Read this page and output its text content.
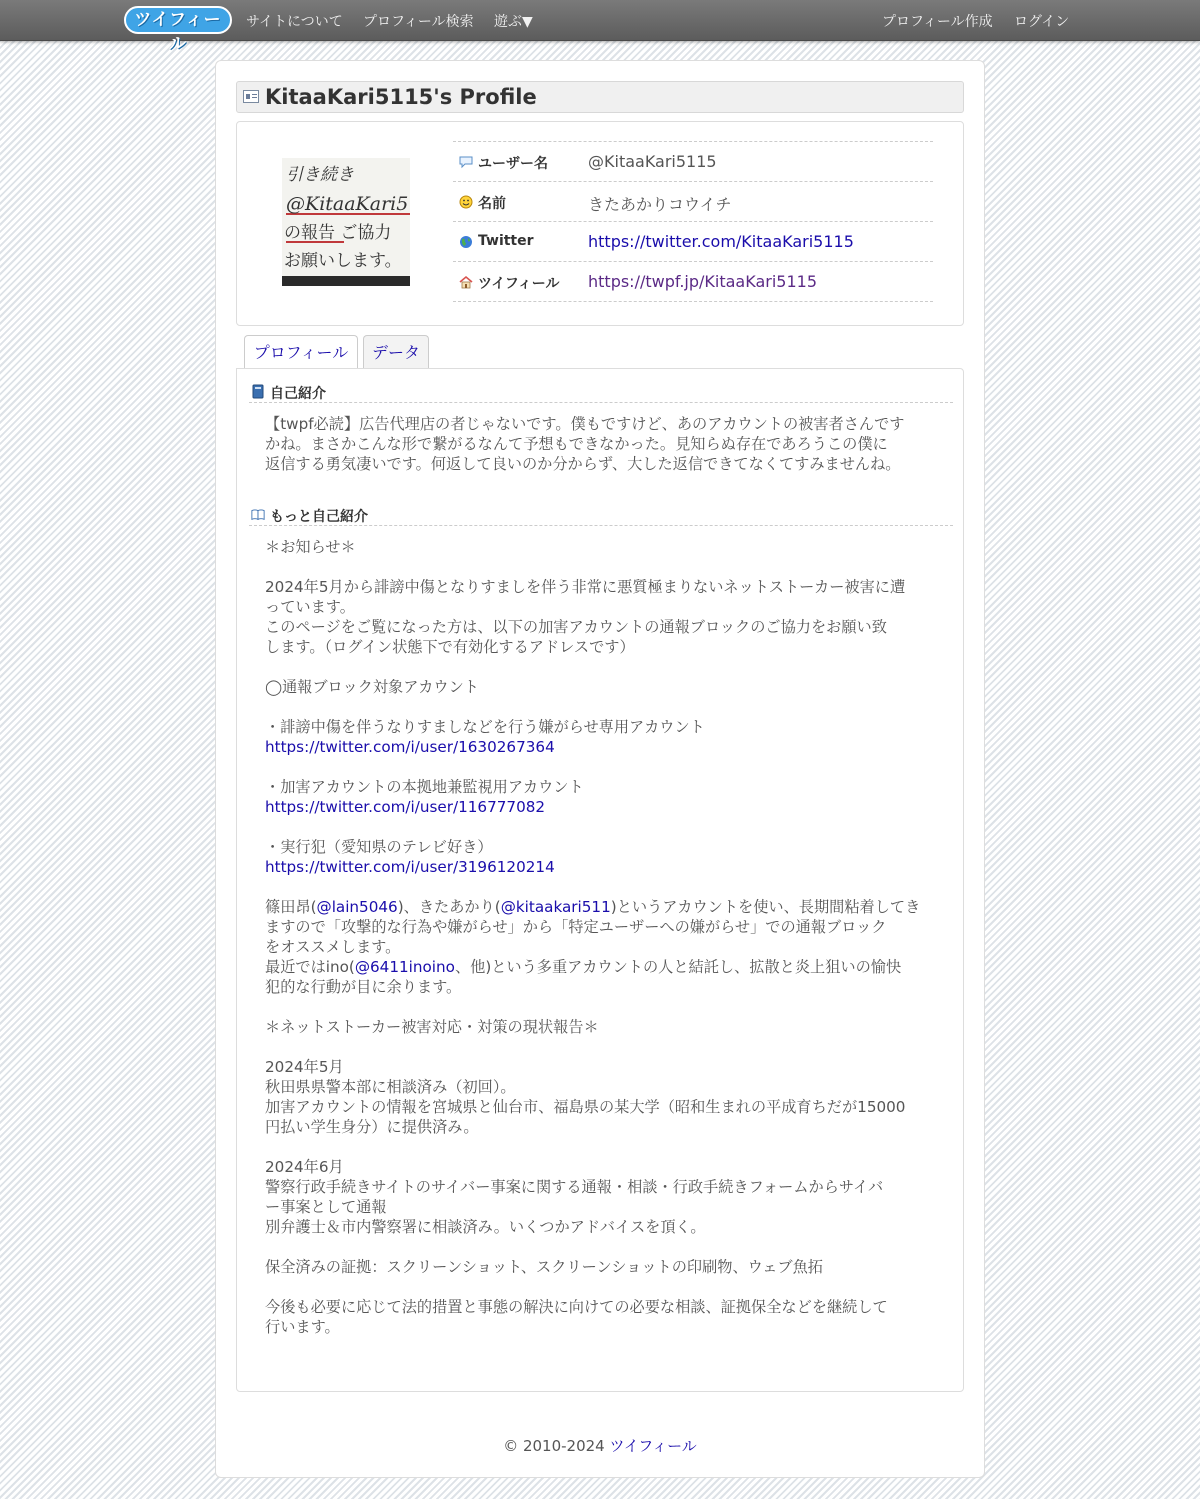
ツイフィール
サイトについて プロフィール検索 遊ぶ▼	プロフィール作成 ログイン
KitaaKari5115's Profile
引き続き
@KitaaKari5
の報告 ご協力
お願いします。
ユーザー名	@KitaaKari5115
名前	きたあかりコウイチ
Twitter	https://twitter.com/KitaaKari5115
ツイフィール https://twpf.jp/KitaaKari5115
プロフィール	データ
自己紹介

【twpf必読】広告代理店の者じゃないです。僕もですけど、あのアカウントの被害者さんです

かね。まさかこんな形で繋がるなんて予想もできなかった。見知らぬ存在であろうこの僕に

返信する勇気凄いです。何返して良いのか分からず、大した返信できてなくてすみませんね。

もっと自己紹介

＊お知らせ＊

2024年5月から誹謗中傷となりすましを伴う非常に悪質極まりないネットストーカー被害に遭

っています。

このページをご覧になった方は、以下の加害アカウントの通報ブロックのご協力をお願い致

します。（ログイン状態下で有効化するアドレスです）

◯通報ブロック対象アカウント

・誹謗中傷を伴うなりすましなどを行う嫌がらせ専用アカウント

https://twitter.com/i/user/1630267364

・加害アカウントの本拠地兼監視用アカウント

https://twitter.com/i/user/116777082

・実行犯（愛知県のテレビ好き）

https://twitter.com/i/user/3196120214

篠田昂(@lain5046)、きたあかり(@kitaakari511)というアカウントを使い、長期間粘着してき

ますので「攻撃的な行為や嫌がらせ」から「特定ユーザーへの嫌がらせ」での通報ブロック

をオススメします。

最近ではino(@6411inoino、他)という多重アカウントの人と結託し、拡散と炎上狙いの愉快

犯的な行動が目に余ります。

＊ネットストーカー被害対応・対策の現状報告＊

2024年5月

秋田県県警本部に相談済み（初回）。

加害アカウントの情報を宮城県と仙台市、福島県の某大学（昭和生まれの平成育ちだが15000

円払い学生身分）に提供済み。

2024年6月

警察行政手続きサイトのサイバー事案に関する通報・相談・行政手続きフォームからサイバ

ー事案として通報

別弁護士＆市内警察署に相談済み。いくつかアドバイスを頂く。

保全済みの証拠：スクリーンショット、スクリーンショットの印刷物、ウェブ魚拓

今後も必要に応じて法的措置と事態の解決に向けての必要な相談、証拠保全などを継続して

行います。

© 2010-2024 ツイフィール
